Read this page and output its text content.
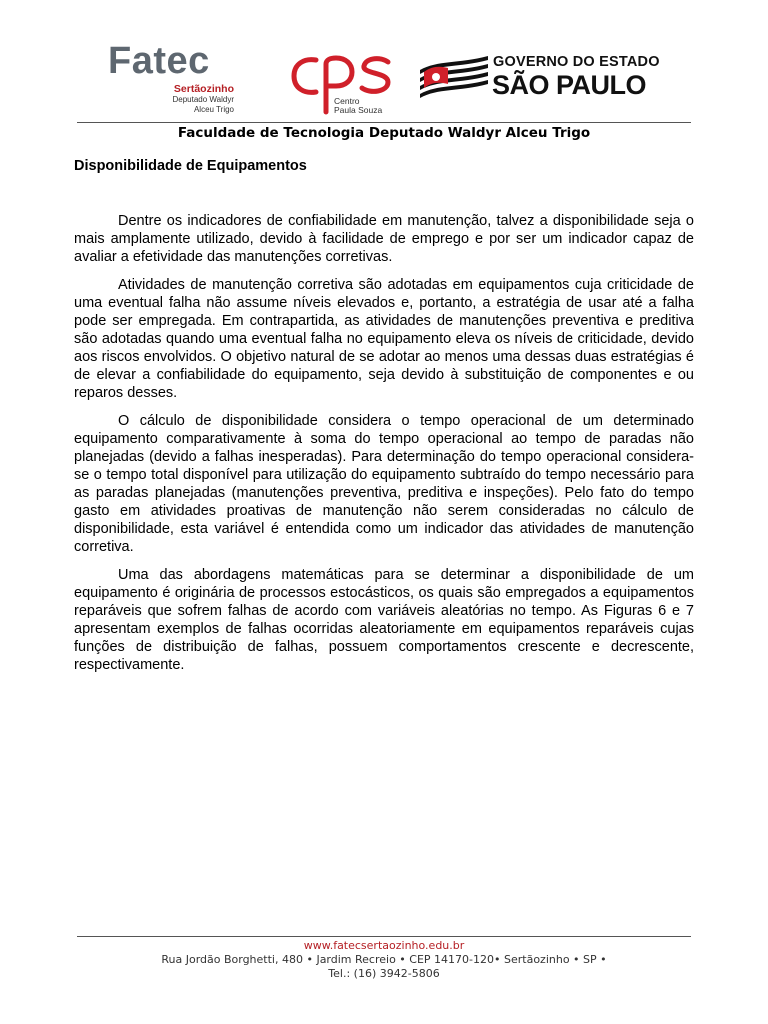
Fatec
Sertãozinho
Deputado Waldyr
Alceu Trigo
Centro
Paula Souza
GOVERNO DO ESTADO
SÃO PAULO
Faculdade de Tecnologia Deputado Waldyr Alceu Trigo
Disponibilidade de Equipamentos

Dentre os indicadores de confiabilidade em manutenção, talvez a disponibilidade seja o mais amplamente utilizado, devido à facilidade de emprego e por ser um indicador capaz de avaliar a efetividade das manutenções corretivas.

Atividades de manutenção corretiva são adotadas em equipamentos cuja criticidade de uma eventual falha não assume níveis elevados e, portanto, a estratégia de usar até a falha pode ser empregada. Em contrapartida, as atividades de manutenções preventiva e preditiva são adotadas quando uma eventual falha no equipamento eleva os níveis de criticidade, devido aos riscos envolvidos. O objetivo natural de se adotar ao menos uma dessas duas estratégias é de elevar a confiabilidade do equipamento, seja devido à substituição de componentes e ou reparos desses.

O cálculo de disponibilidade considera o tempo operacional de um determinado equipamento comparativamente à soma do tempo operacional ao tempo de paradas não planejadas (devido a falhas inesperadas). Para determinação do tempo operacional considera-se o tempo total disponível para utilização do equipamento subtraído do tempo necessário para as paradas planejadas (manutenções preventiva, preditiva e inspeções). Pelo fato do tempo gasto em atividades proativas de manutenção não serem consideradas no cálculo de disponibilidade, esta variável é entendida como um indicador das atividades de manutenção corretiva.

Uma das abordagens matemáticas para se determinar a disponibilidade de um equipamento é originária de processos estocásticos, os quais são empregados a equipamentos reparáveis que sofrem falhas de acordo com variáveis aleatórias no tempo. As Figuras 6 e 7 apresentam exemplos de falhas ocorridas aleatoriamente em equipamentos reparáveis cujas funções de distribuição de falhas, possuem comportamentos crescente e decrescente, respectivamente.

www.fatecsertaozinho.edu.br
Rua Jordão Borghetti, 480 • Jardim Recreio • CEP 14170-120• Sertãozinho • SP •
Tel.: (16) 3942-5806
